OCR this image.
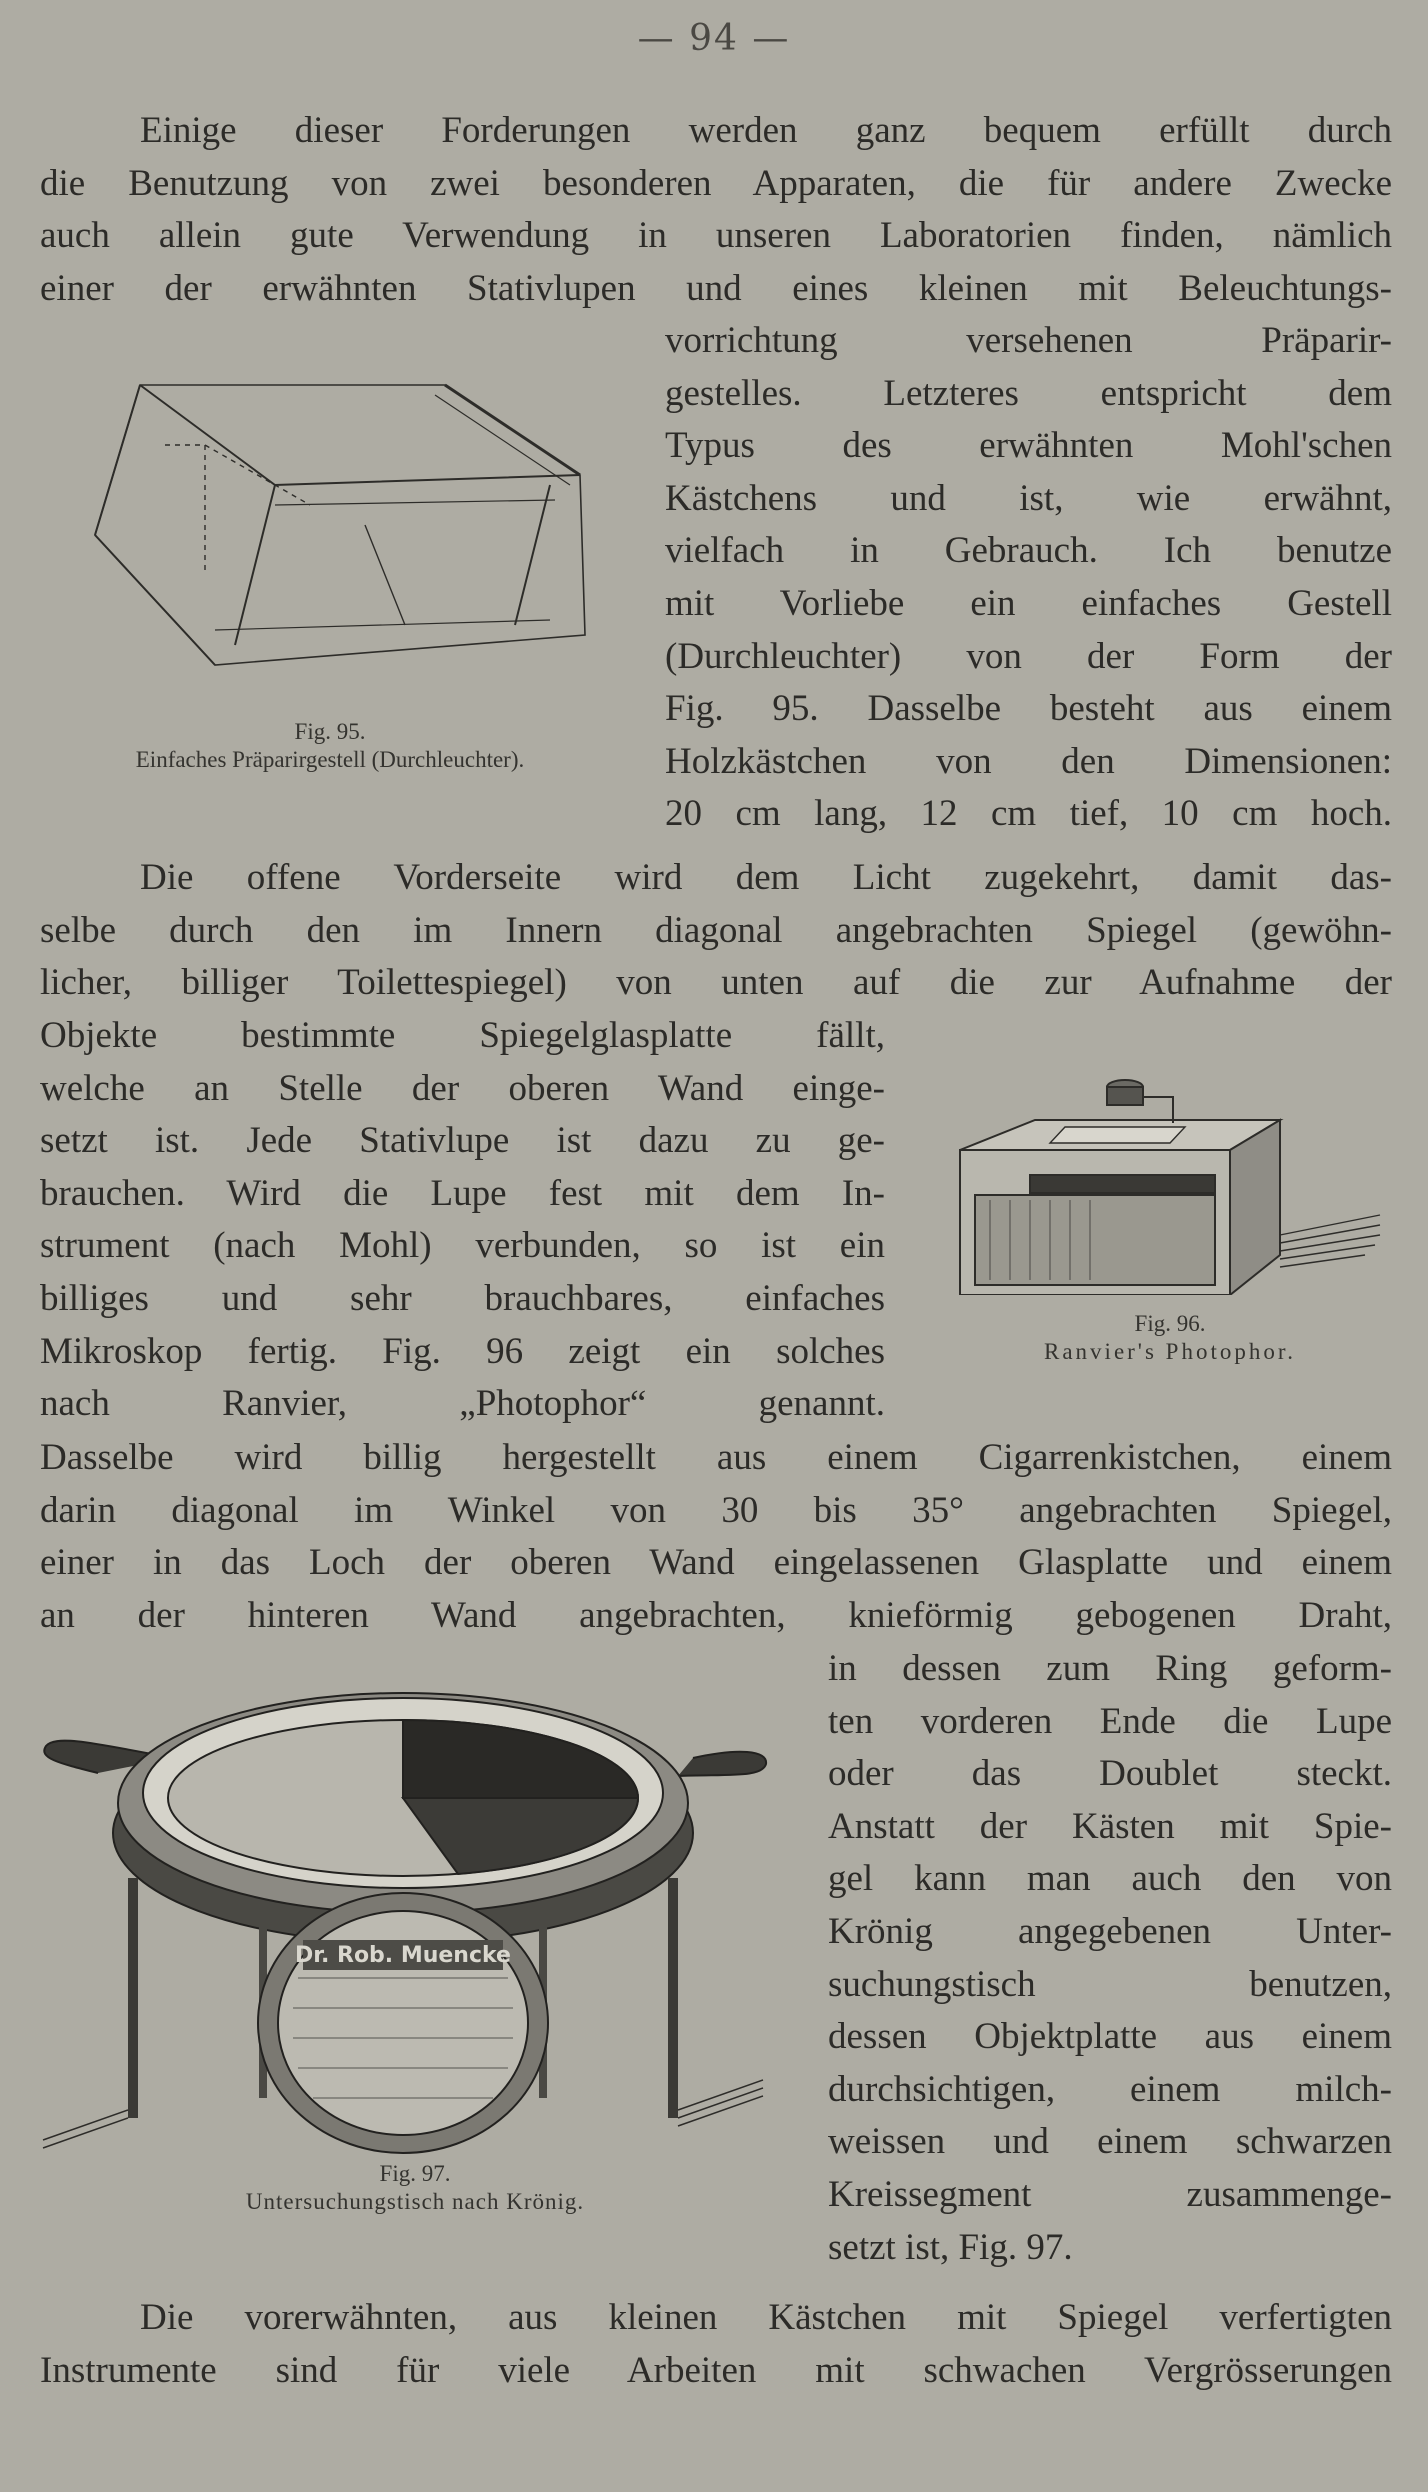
— 94 —
Einige dieser Forderungen werden ganz bequem erfüllt durch
die Benutzung von zwei besonderen Apparaten, die für andere Zwecke
auch allein gute Verwendung in unseren Laboratorien finden, nämlich
einer der erwähnten Stativlupen und eines kleinen mit Beleuchtungs-
vorrichtung versehenen Präparir-
gestelles. Letzteres entspricht dem
Typus des erwähnten Mohl'schen
Kästchens und ist, wie erwähnt,
vielfach in Gebrauch. Ich benutze
mit Vorliebe ein einfaches Gestell
(Durchleuchter) von der Form der
Fig. 95. Dasselbe besteht aus einem
Holzkästchen von den Dimensionen:
20 cm lang, 12 cm tief, 10 cm hoch.
Fig. 95.
Einfaches Präparirgestell (Durchleuchter).
Die offene Vorderseite wird dem Licht zugekehrt, damit das-
selbe durch den im Innern diagonal angebrachten Spiegel (gewöhn-
licher, billiger Toilettespiegel) von unten auf die zur Aufnahme der
Objekte bestimmte Spiegelglasplatte fällt,
welche an Stelle der oberen Wand einge-
setzt ist. Jede Stativlupe ist dazu zu ge-
brauchen. Wird die Lupe fest mit dem In-
strument (nach Mohl) verbunden, so ist ein
billiges und sehr brauchbares, einfaches
Mikroskop fertig. Fig. 96 zeigt ein solches
nach Ranvier, „Photophor“ genannt.
Fig. 96.
Ranvier's Photophor.
Dasselbe wird billig hergestellt aus einem Cigarrenkistchen, einem
darin diagonal im Winkel von 30 bis 35° angebrachten Spiegel,
einer in das Loch der oberen Wand eingelassenen Glasplatte und einem
an der hinteren Wand angebrachten, knieförmig gebogenen Draht,
in dessen zum Ring geform-
ten vorderen Ende die Lupe
oder das Doublet steckt.
Anstatt der Kästen mit Spie-
gel kann man auch den von
Krönig angegebenen Unter-
suchungstisch benutzen,
dessen Objektplatte aus einem
durchsichtigen, einem milch-
weissen und einem schwarzen
Kreissegment zusammenge-
setzt ist, Fig. 97.
Dr. Rob. Muencke
Fig. 97.
Untersuchungstisch nach Krönig.
Die vorerwähnten, aus kleinen Kästchen mit Spiegel verfertigten
Instrumente sind für viele Arbeiten mit schwachen Vergrösserungen
